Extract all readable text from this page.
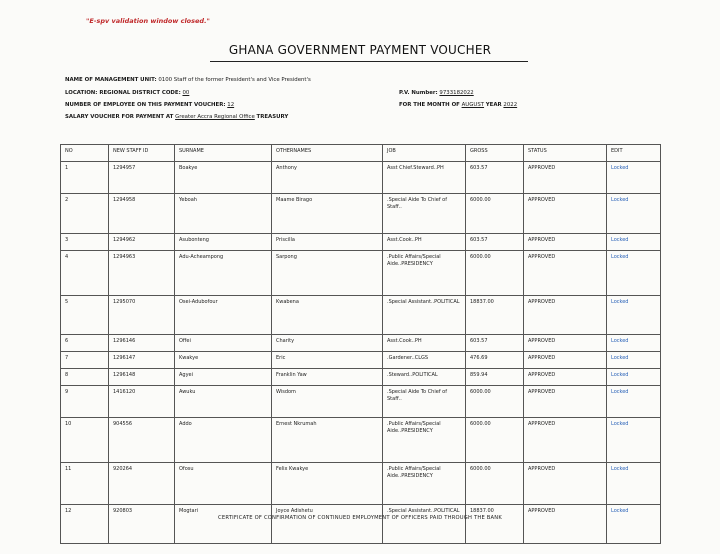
"E-spv validation window closed."
GHANA GOVERNMENT PAYMENT VOUCHER
NAME OF MANAGEMENT UNIT: 0100 Staff of the former President's and Vice President's
LOCATION: REGIONAL DISTRICT CODE: 00
NUMBER OF EMPLOYEE ON THIS PAYMENT VOUCHER: 12
SALARY VOUCHER FOR PAYMENT AT Greater Accra Regional Office TREASURY
P.V. Number: 9733182022
FOR THE MONTH OF AUGUST YEAR 2022
NO	NEW STAFF ID	SURNAME	OTHERNAMES	JOB	GROSS	STATUS	EDIT
1	1294957	Boakye	Anthony	Asst Chief.Steward..PH	603.57	APPROVED	Locked
2	1294958	Yeboah	Maame Birago	.Special Aide To Chief of Staff..	6000.00	APPROVED	Locked
3	1294962	Asubonteng	Priscilla	Asst.Cook..PH	603.57	APPROVED	Locked
4	1294963	Adu-Acheampong	Sarpong	.Public Affairs/Special Aide..PRESIDENCY	6000.00	APPROVED	Locked
5	1295070	Osei-Adubofour	Kwabena	.Special Assistant..POLITICAL	18837.00	APPROVED	Locked
6	1296146	Offei	Charity	Asst.Cook..PH	603.57	APPROVED	Locked
7	1296147	Kwakye	Eric	.Gardener..CLGS	476.69	APPROVED	Locked
8	1296148	Agyei	Franklin Yaw	.Steward..POLITICAL	859.94	APPROVED	Locked
9	1416120	Awuku	Wisdom	.Special Aide To Chief of Staff..	6000.00	APPROVED	Locked
10	904556	Addo	Ernest Nkrumah	.Public Affairs/Special Aide..PRESIDENCY	6000.00	APPROVED	Locked
11	920264	Ofosu	Felix Kwakye	.Public Affairs/Special Aide..PRESIDENCY	6000.00	APPROVED	Locked
12	920803	Mogtari	Joyce Adishetu	.Special Assistant..POLITICAL	18837.00	APPROVED	Locked
CERTIFICATE OF CONFIRMATION OF CONTINUED EMPLOYMENT OF OFFICERS PAID THROUGH THE BANK
